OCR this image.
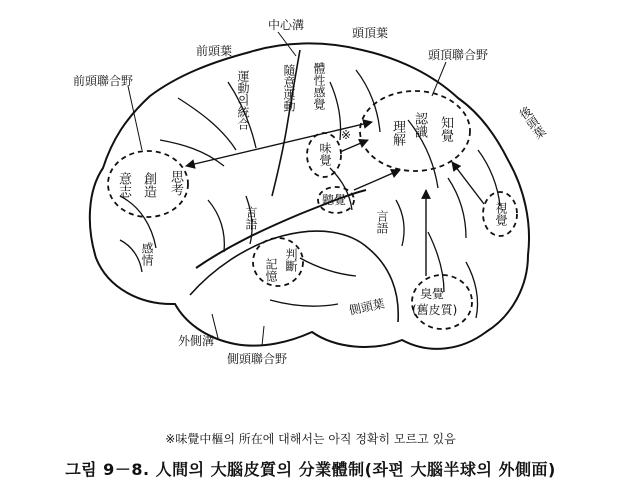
中心溝
頭頂葉
前頭葉	頭頂聯合野
前頭聯合野
後頭葉
運動의統合	隨意運動 體性感覺
理解 認識 知覺
※
味覺
聽覺
思考
創造
意志
感情
言語	言語
判斷
記憶
視覺
臭覺
(舊皮質)
側頭葉
外側溝
側頭聯合野
※味覺中樞의 所在에 대해서는 아직 정확히 모르고 있음
그림 9－8. 人間의 大腦皮質의 分業體制(좌편 大腦半球의 外側面)
